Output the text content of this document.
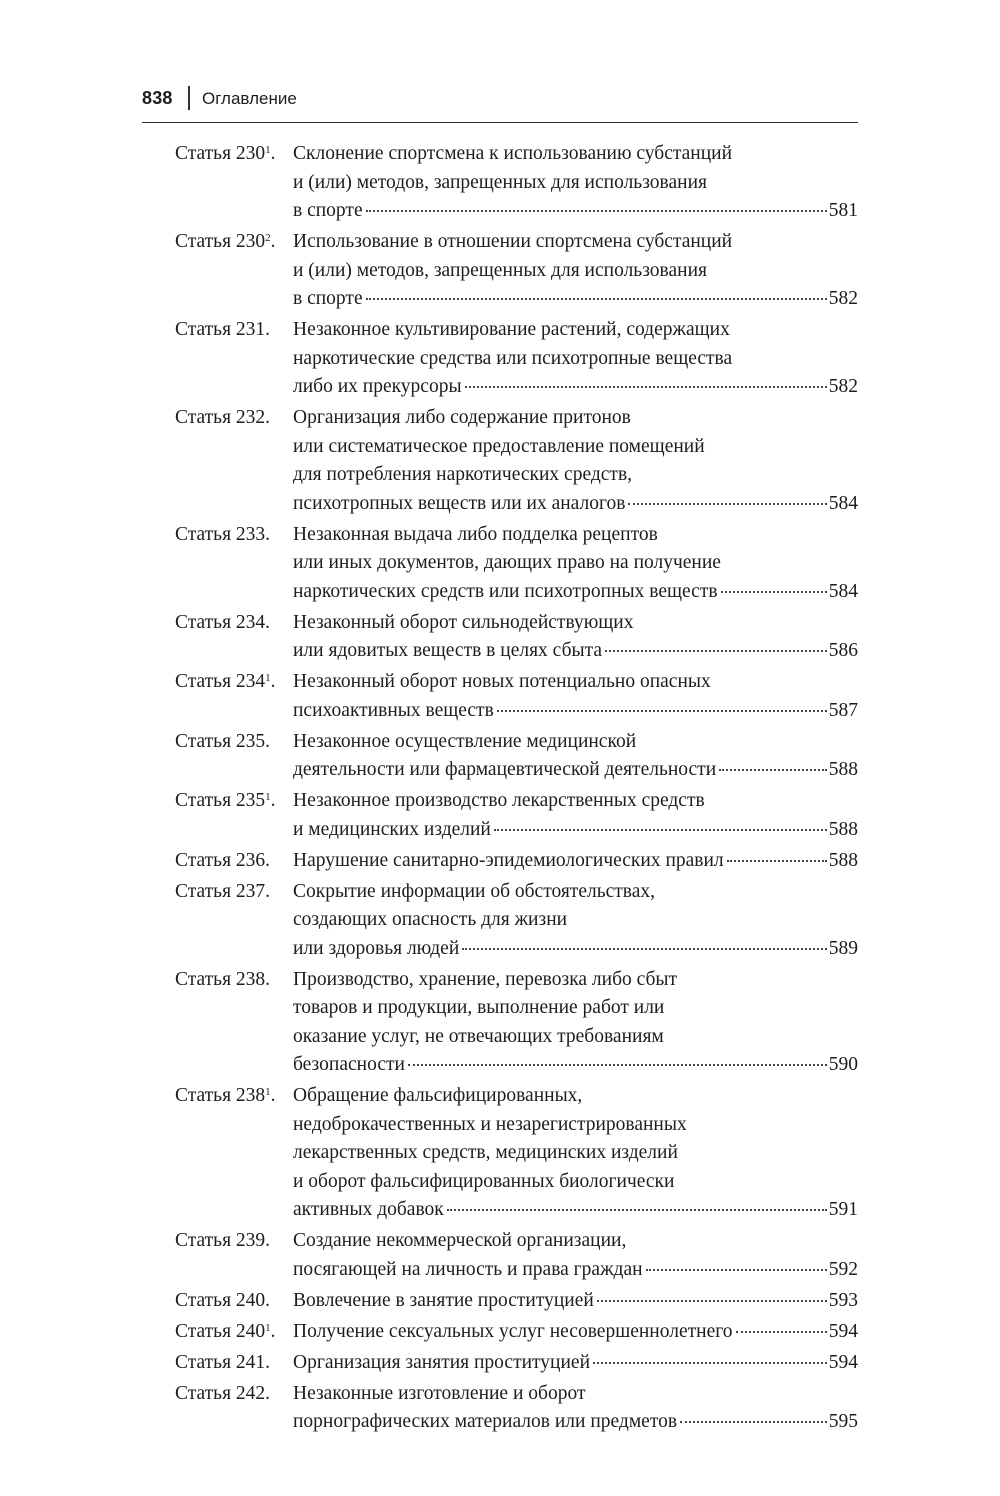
838 Оглавление
Статья $230^1$. Склонение спортсмена к использованию субстанций
и (или) методов, запрещенных для использования
в спорте	581
Статья $230^2$. Использование в отношении спортсмена субстанций
и (или) методов, запрещенных для использования
в спорте	582
Статья 231. Незаконное культивирование растений, содержащих
наркотические средства или психотропные вещества
либо их прекурсоры	582
Статья 232. Организация либо содержание притонов
или систематическое предоставление помещений
для потребления наркотических средств,
психотропных веществ или их аналогов	584
Статья 233. Незаконная выдача либо подделка рецептов
или иных документов, дающих право на получение
наркотических средств или психотропных веществ	584
Статья 234. Незаконный оборот сильнодействующих
или ядовитых веществ в целях сбыта	586
Статья $234^1$. Незаконный оборот новых потенциально опасных
психоактивных веществ	587
Статья 235. Незаконное осуществление медицинской
деятельности или фармацевтической деятельности	588
Статья $235^1$. Незаконное производство лекарственных средств
и медицинских изделий	588
Статья 236. Нарушение санитарно-эпидемиологических правил	588
Статья 237. Сокрытие информации об обстоятельствах,
создающих опасность для жизни
или здоровья людей	589
Статья 238. Производство, хранение, перевозка либо сбыт
товаров и продукции, выполнение работ или
оказание услуг, не отвечающих требованиям
безопасности	590
Статья $238^1$. Обращение фальсифицированных,
недоброкачественных и незарегистрированных
лекарственных средств, медицинских изделий
и оборот фальсифицированных биологически
активных добавок	591
Статья 239. Создание некоммерческой организации,
посягающей на личность и права граждан	592
Статья 240. Вовлечение в занятие проституцией	593
Статья $240^1$. Получение сексуальных услуг несовершеннолетнего	594
Статья 241. Организация занятия проституцией	594
Статья 242. Незаконные изготовление и оборот
порнографических материалов или предметов	595
